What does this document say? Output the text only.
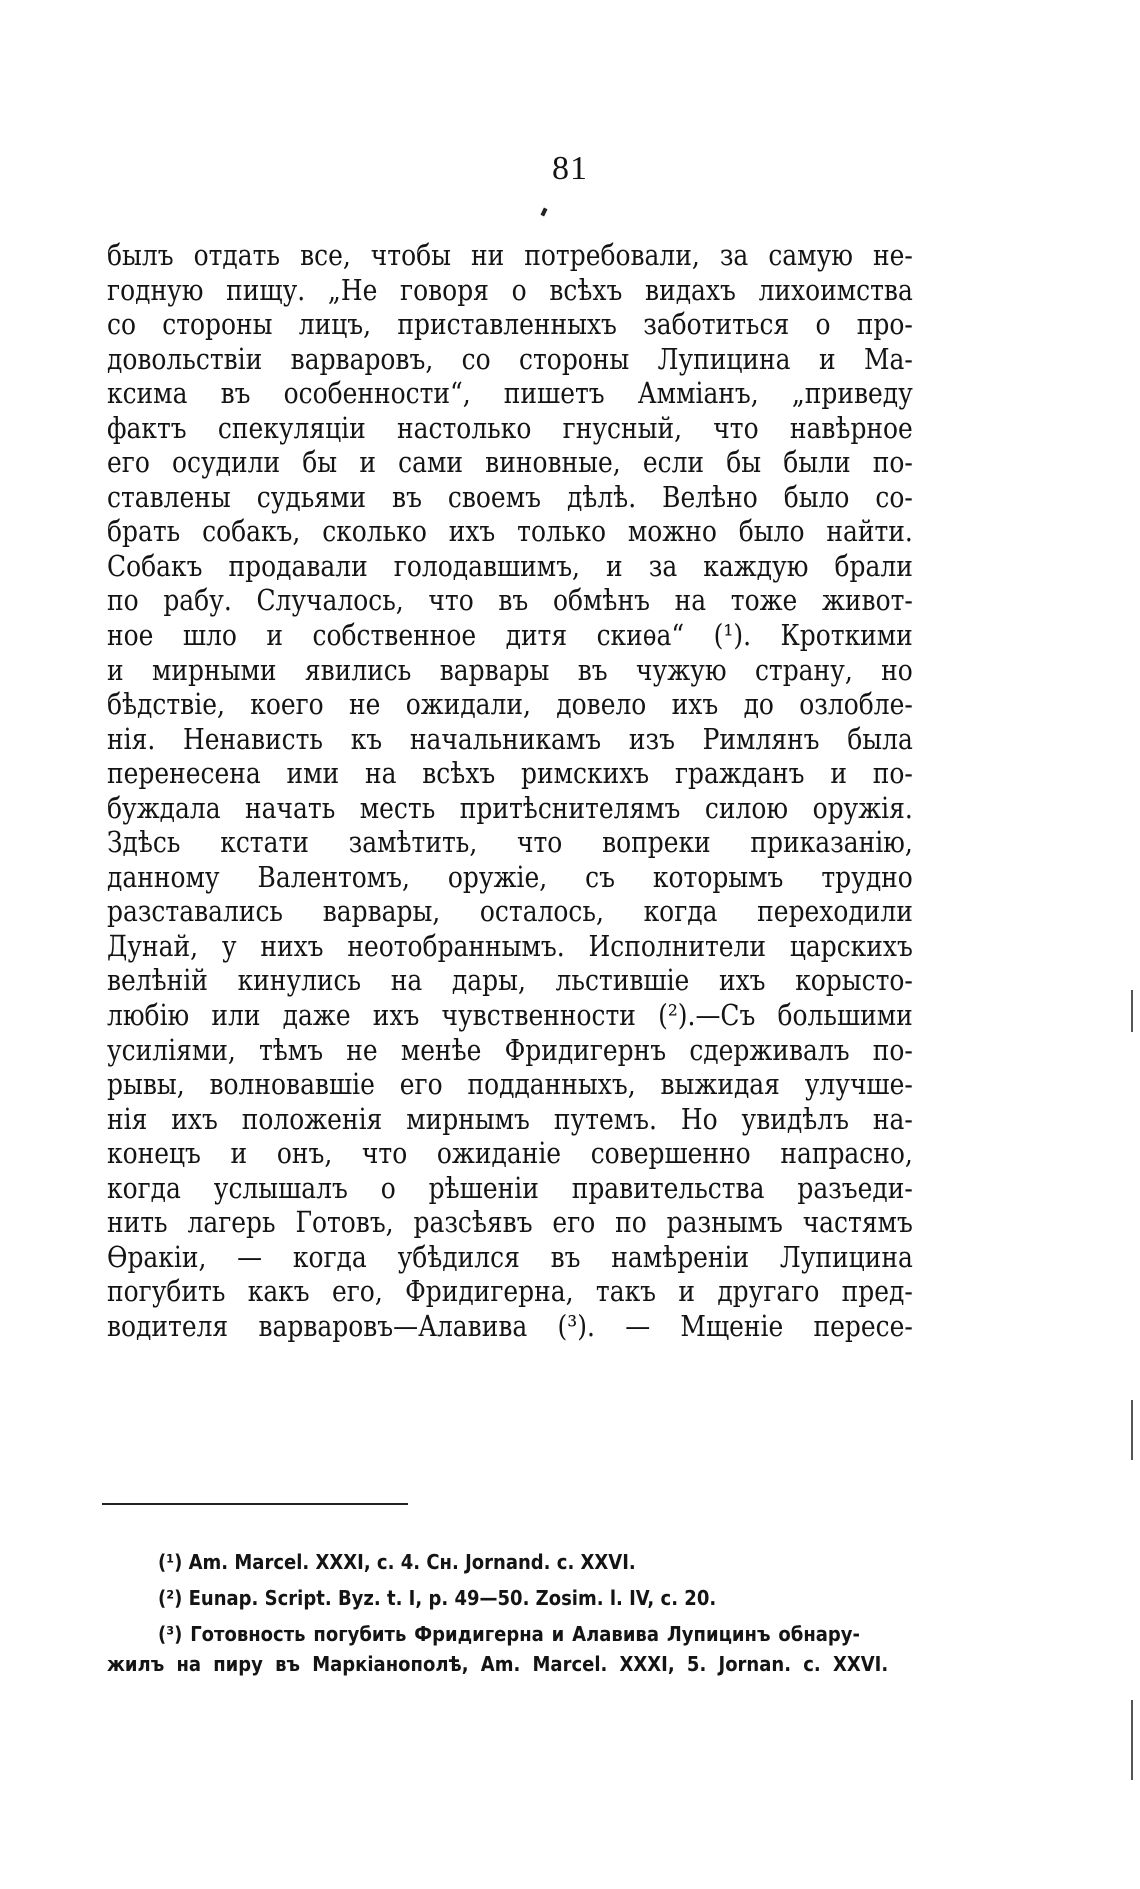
81
былъ отдать все, чтобы ни потребовали, за самую не-
годную пищу. „Не говоря о всѣхъ видахъ лихоимства
со стороны лицъ, приставленныхъ заботиться о про-
довольствіи варваровъ, со стороны Лупицина и Ма-
ксима въ особенности“, пишетъ Амміанъ, „приведу
фактъ спекуляціи настолько гнусный, что навѣрное
его осудили бы и сами виновные, если бы были по-
ставлены судьями въ своемъ дѣлѣ. Велѣно было со-
брать собакъ, сколько ихъ только можно было найти.
Собакъ продавали голодавшимъ, и за каждую брали
по рабу. Случалось, что въ обмѣнъ на тоже живот-
ное шло и собственное дитя скиѳа“ (¹). Кроткими
и мирными явились варвары въ чужую страну, но
бѣдствіе, коего не ожидали, довело ихъ до озлобле-
нія. Ненависть къ начальникамъ изъ Римлянъ была
перенесена ими на всѣхъ римскихъ гражданъ и по-
буждала начать месть притѣснителямъ силою оружія.
Здѣсь кстати замѣтить, что вопреки приказанію,
данному Валентомъ, оружіе, съ которымъ трудно
разставались варвары, осталось, когда переходили
Дунай, у нихъ неотобраннымъ. Исполнители царскихъ
велѣній кинулись на дары, льстившіе ихъ корысто-
любію или даже ихъ чувственности (²).—Съ большими
усиліями, тѣмъ не менѣе Фридигернъ сдерживалъ по-
рывы, волновавшіе его подданныхъ, выжидая улучше-
нія ихъ положенія мирнымъ путемъ. Но увидѣлъ на-
конецъ и онъ, что ожиданіе совершенно напрасно,
когда услышалъ о рѣшеніи правительства разъеди-
нить лагерь Готовъ, разсѣявъ его по разнымъ частямъ
Ѳракіи, — когда убѣдился въ намѣреніи Лупицина
погубить какъ его, Фридигерна, такъ и другаго пред-
водителя варваровъ—Алавива (³). — Мщеніе пересе-
(¹) Am. Marcel. XXXI, c. 4. Cн. Jornand. c. XXVI.
(²) Eunap. Script. Byz. t. I, p. 49—50. Zosim. l. IV, c. 20.
(³) Готовность погубить Фридигерна и Алавива Лупицинъ обнару-
жилъ на пиру въ Маркіанополѣ, Am. Marcel. XXXI, 5. Jornan. c. XXVI.
